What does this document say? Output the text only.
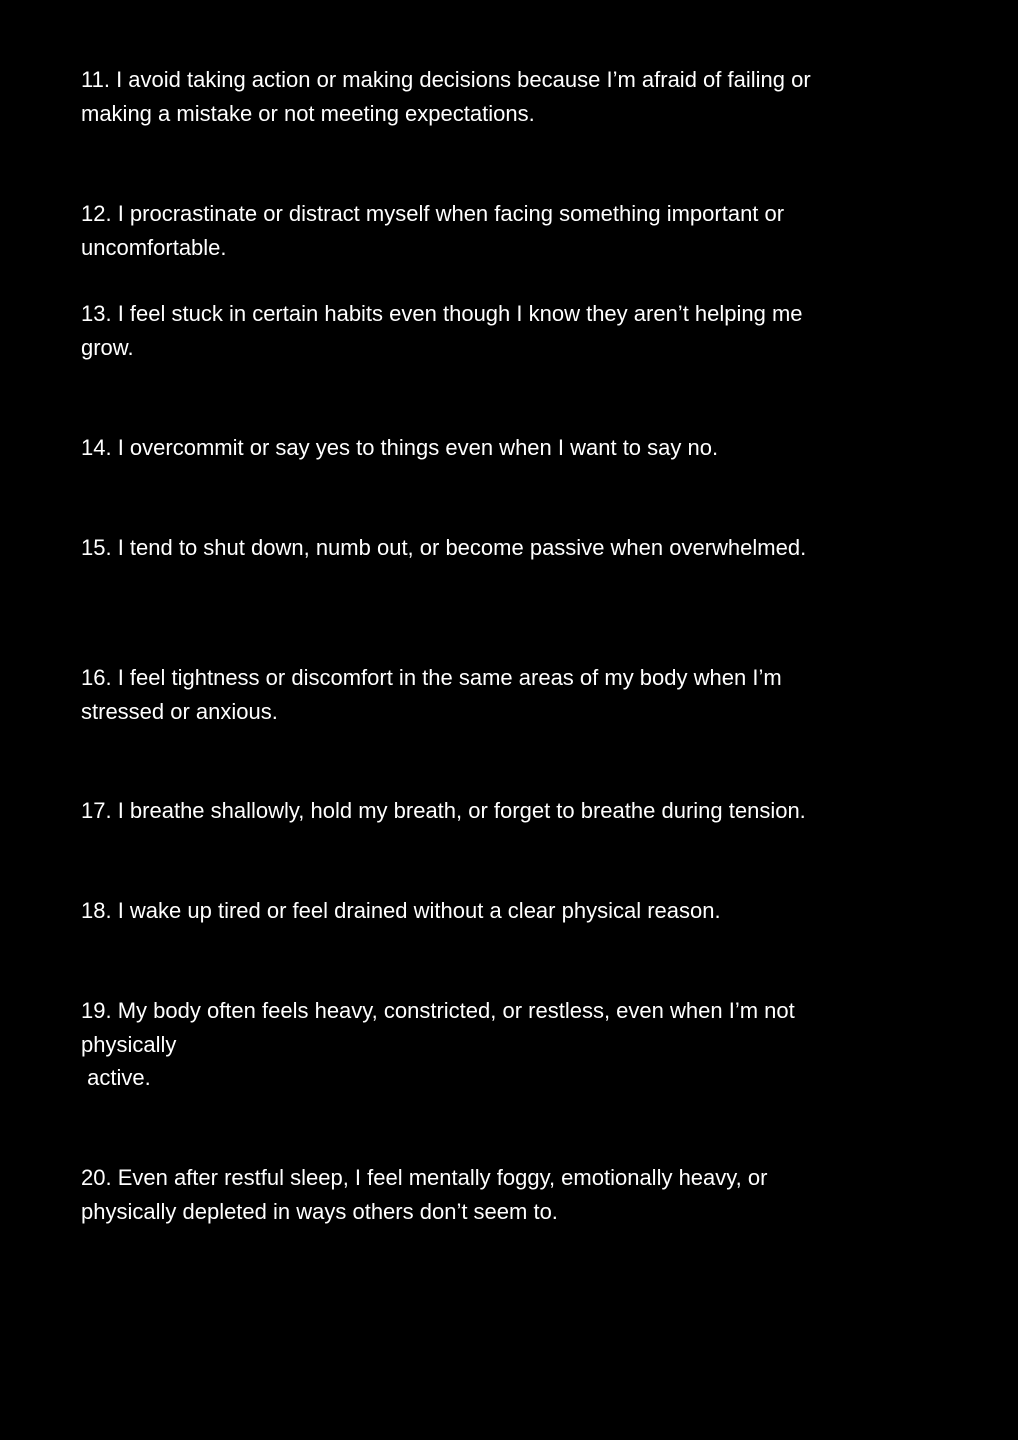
11. I avoid taking action or making decisions because I’m afraid of failing or
making a mistake or not meeting expectations.

12. I procrastinate or distract myself when facing something important or
uncomfortable.

13. I feel stuck in certain habits even though I know they aren’t helping me
grow.

14. I overcommit or say yes to things even when I want to say no.

15. I tend to shut down, numb out, or become passive when overwhelmed.

16. I feel tightness or discomfort in the same areas of my body when I’m
stressed or anxious.

17. I breathe shallowly, hold my breath, or forget to breathe during tension.

18. I wake up tired or feel drained without a clear physical reason.

19. My body often feels heavy, constricted, or restless, even when I’m not
physically
active.

20. Even after restful sleep, I feel mentally foggy, emotionally heavy, or
physically depleted in ways others don’t seem to.
